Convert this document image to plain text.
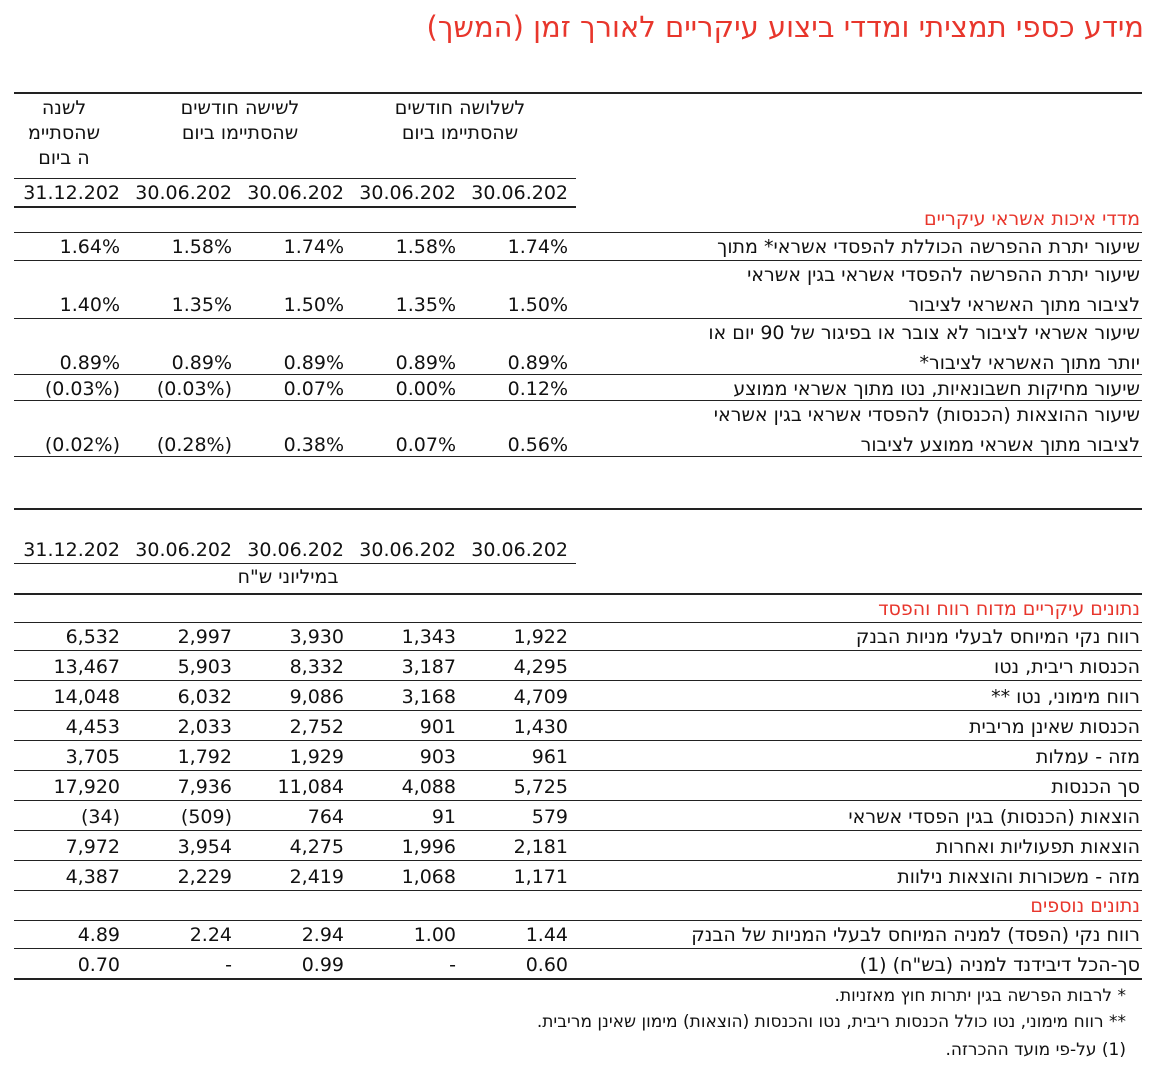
מידע כספי תמציתי ומדדי ביצוע עיקריים לאורך זמן (המשך)
לשלושה חודשים
שהסתיימו ביום
לשישה חודשים
שהסתיימו ביום
לשנה
שהסתיימ
ה ביום
30.06.202
30.06.202
30.06.202
30.06.202
31.12.202
מדדי איכות אשראי עיקריים
שיעור יתרת ההפרשה הכוללת להפסדי אשראי* מתוך
1.74%
1.58%
1.74%
1.58%
1.64%
שיעור יתרת ההפרשה להפסדי אשראי בגין אשראי
לציבור מתוך האשראי לציבור
1.50%
1.35%
1.50%
1.35%
1.40%
שיעור אשראי לציבור לא צובר או בפיגור של 90 יום או
יותר מתוך האשראי לציבור*
0.89%
0.89%
0.89%
0.89%
0.89%
שיעור מחיקות חשבונאיות, נטו מתוך אשראי ממוצע
0.12%
0.00%
0.07%
(0.03%)
(0.03%)
שיעור ההוצאות (הכנסות) להפסדי אשראי בגין אשראי
לציבור מתוך אשראי ממוצע לציבור
0.56%
0.07%
0.38%
(0.28%)
(0.02%)
30.06.202
30.06.202
30.06.202
30.06.202
31.12.202
במיליוני ש"ח
נתונים עיקריים מדוח רווח והפסד
רווח נקי המיוחס לבעלי מניות הבנק
1,922
1,343
3,930
2,997
6,532
הכנסות ריבית, נטו
4,295
3,187
8,332
5,903
13,467
רווח מימוני, נטו **
4,709
3,168
9,086
6,032
14,048
הכנסות שאינן מריבית
1,430
901
2,752
2,033
4,453
מזה - עמלות
961
903
1,929
1,792
3,705
סך הכנסות
5,725
4,088
11,084
7,936
17,920
הוצאות (הכנסות) בגין הפסדי אשראי
579
91
764
(509)
(34)
הוצאות תפעוליות ואחרות
2,181
1,996
4,275
3,954
7,972
מזה - משכורות והוצאות נילוות
1,171
1,068
2,419
2,229
4,387
נתונים נוספים
רווח נקי (הפסד) למניה המיוחס לבעלי המניות של הבנק
1.44
1.00
2.94
2.24
4.89
סך-הכל דיבידנד למניה (בש"ח) (1)
0.60
-
0.99
-
0.70
* לרבות הפרשה בגין יתרות חוץ מאזניות.
** רווח מימוני, נטו כולל הכנסות ריבית, נטו והכנסות (הוצאות) מימון שאינן מריבית.
(1) על-פי מועד ההכרזה.
